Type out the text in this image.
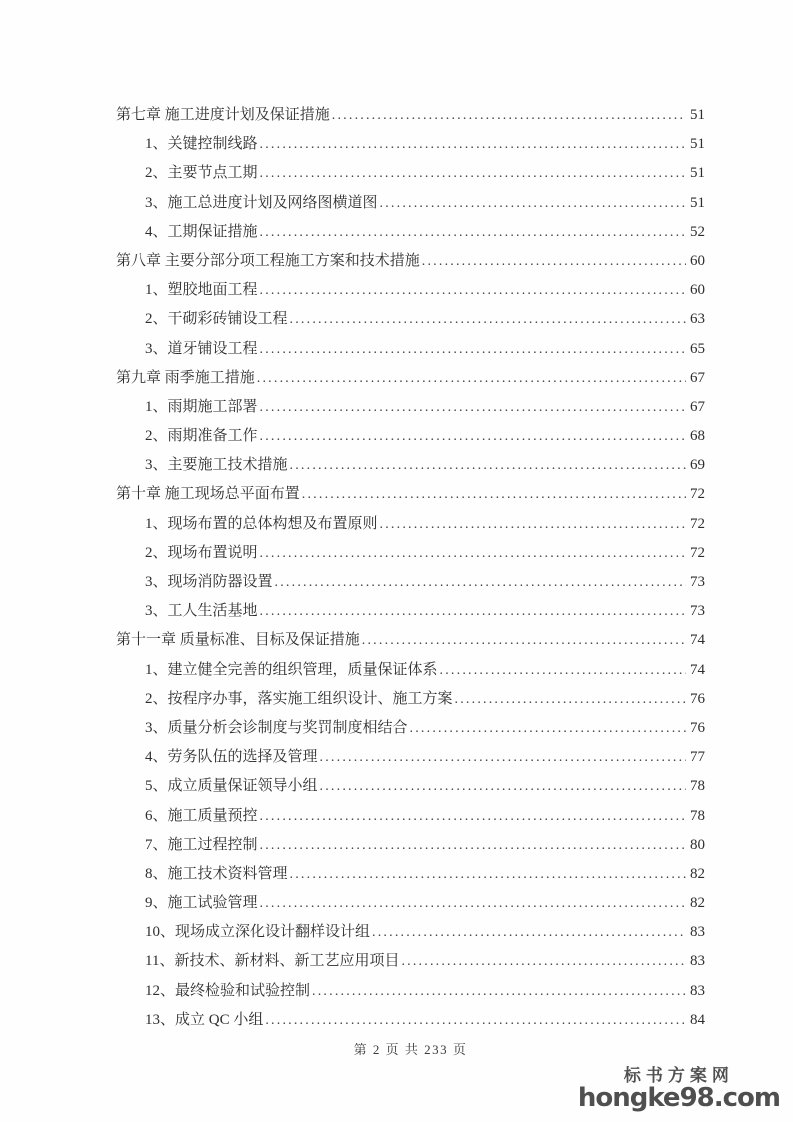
第七章 施工进度计划及保证措施 .....	51
1、关键控制线路 .....	51
2、主要节点工期 .....	51
3、施工总进度计划及网络图横道图 .....	51
4、工期保证措施 .....	52
第八章 主要分部分项工程施工方案和技术措施 .....	60
1、塑胶地面工程 .....	60
2、干砌彩砖铺设工程 .....	63
3、道牙铺设工程 .....	65
第九章 雨季施工措施 .....	67
1、雨期施工部署 .....	67
2、雨期准备工作 .....	68
3、主要施工技术措施 .....	69
第十章 施工现场总平面布置 .....	72
1、现场布置的总体构想及布置原则 .....	72
2、现场布置说明 .....	72
3、现场消防器设置 .....	73
3、工人生活基地 .....	73
第十一章 质量标准、目标及保证措施 .....	74
1、建立健全完善的组织管理，质量保证体系 .....	74
2、按程序办事，落实施工组织设计、施工方案 .....	76
3、质量分析会诊制度与奖罚制度相结合 .....	76
4、劳务队伍的选择及管理 .....	77
5、成立质量保证领导小组 .....	78
6、施工质量预控 .....	78
7、施工过程控制 .....	80
8、施工技术资料管理 .....	82
9、施工试验管理 .....	82
10、现场成立深化设计翻样设计组 .....	83
11、新技术、新材料、新工艺应用项目 .....	83
12、最终检验和试验控制 .....	83
13、成立 QC 小组 .....	84
第 2 页 共 233 页
标书方案网
hongke98.com
